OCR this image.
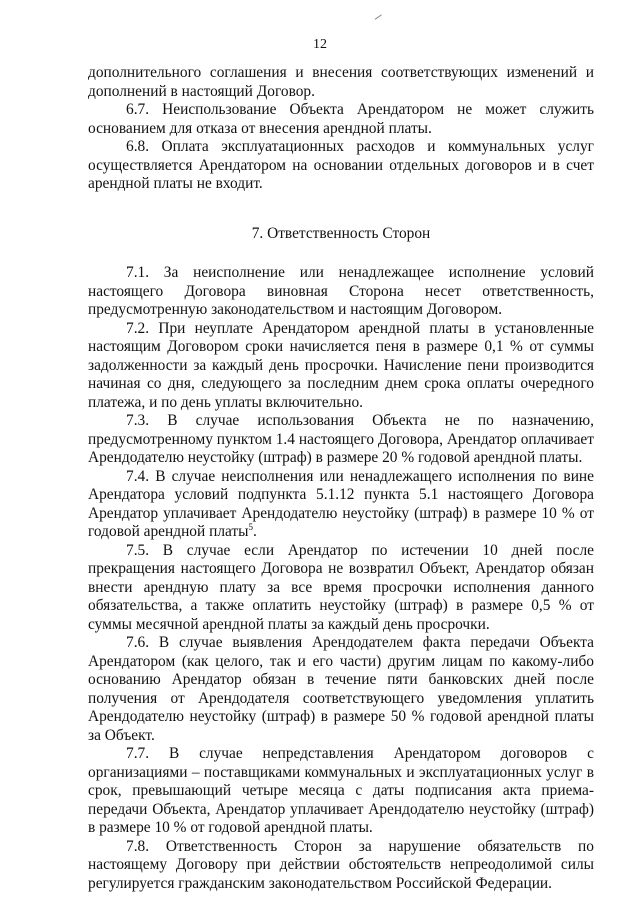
12

дополнительного соглашения и внесения соответствующих изменений и дополнений в настоящий Договор.

6.7. Неиспользование Объекта Арендатором не может служить основанием для отказа от внесения арендной платы.

6.8. Оплата эксплуатационных расходов и коммунальных услуг осуществляется Арендатором на основании отдельных договоров и в счет арендной платы не входит.

7. Ответственность Сторон

7.1. За неисполнение или ненадлежащее исполнение условий настоящего Договора виновная Сторона несет ответственность, предусмотренную законодательством и настоящим Договором.

7.2. При неуплате Арендатором арендной платы в установленные настоящим Договором сроки начисляется пеня в размере 0,1 % от суммы задолженности за каждый день просрочки. Начисление пени производится начиная со дня, следующего за последним днем срока оплаты очередного платежа, и по день уплаты включительно.

7.3. В случае использования Объекта не по назначению, предусмотренному пунктом 1.4 настоящего Договора, Арендатор оплачивает Арендодателю неустойку (штраф) в размере 20 % годовой арендной платы.

7.4. В случае неисполнения или ненадлежащего исполнения по вине Арендатора условий подпункта 5.1.12 пункта 5.1 настоящего Договора Арендатор уплачивает Арендодателю неустойку (штраф) в размере 10 % от годовой арендной платы$^5$.

7.5. В случае если Арендатор по истечении 10 дней после прекращения настоящего Договора не возвратил Объект, Арендатор обязан внести арендную плату за все время просрочки исполнения данного обязательства, а также оплатить неустойку (штраф) в размере 0,5 % от суммы месячной арендной платы за каждый день просрочки.

7.6. В случае выявления Арендодателем факта передачи Объекта Арендатором (как целого, так и его части) другим лицам по какому-либо основанию Арендатор обязан в течение пяти банковских дней после получения от Арендодателя соответствующего уведомления уплатить Арендодателю неустойку (штраф) в размере 50 % годовой арендной платы за Объект.

7.7. В случае непредставления Арендатором договоров с организациями – поставщиками коммунальных и эксплуатационных услуг в срок, превышающий четыре месяца с даты подписания акта приема-передачи Объекта, Арендатор уплачивает Арендодателю неустойку (штраф) в размере 10 % от годовой арендной платы.

7.8. Ответственность Сторон за нарушение обязательств по настоящему Договору при действии обстоятельств непреодолимой силы регулируется гражданским законодательством Российской Федерации.
